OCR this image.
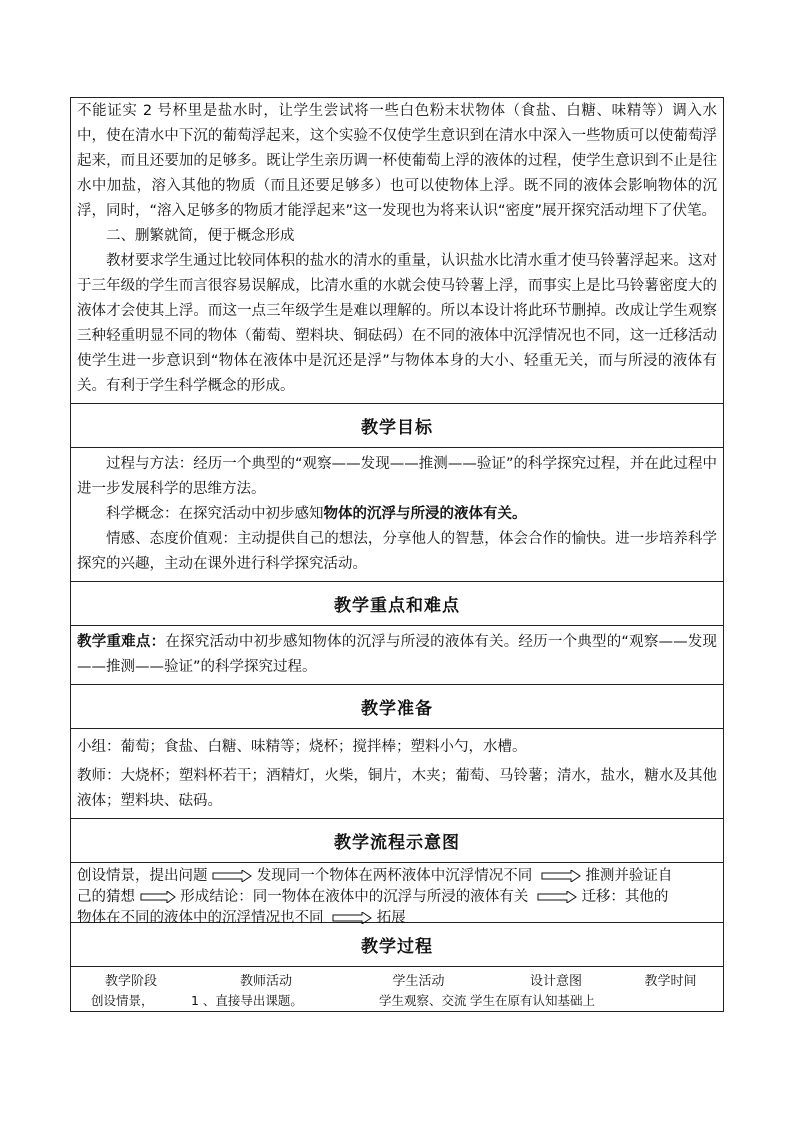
不能证实 2 号杯里是盐水时，让学生尝试将一些白色粉末状物体（食盐、白糖、味精等）调入水中，使在清水中下沉的葡萄浮起来，这个实验不仅使学生意识到在清水中深入一些物质可以使葡萄浮起来，而且还要加的足够多。既让学生亲历调一杯使葡萄上浮的液体的过程，使学生意识到不止是往水中加盐，溶入其他的物质（而且还要足够多）也可以使物体上浮。既不同的液体会影响物体的沉浮，同时，“溶入足够多的物质才能浮起来”这一发现也为将来认识“密度”展开探究活动埋下了伏笔。

二、删繁就简，便于概念形成

教材要求学生通过比较同体积的盐水的清水的重量，认识盐水比清水重才使马铃薯浮起来。这对于三年级的学生而言很容易误解成，比清水重的水就会使马铃薯上浮，而事实上是比马铃薯密度大的液体才会使其上浮。而这一点三年级学生是难以理解的。所以本设计将此环节删掉。改成让学生观察三种轻重明显不同的物体（葡萄、塑料块、铜砝码）在不同的液体中沉浮情况也不同，这一迁移活动使学生进一步意识到“物体在液体中是沉还是浮”与物体本身的大小、轻重无关，而与所浸的液体有关。有利于学生科学概念的形成。

教学目标

过程与方法：经历一个典型的“观察——发现——推测——验证”的科学探究过程，并在此过程中进一步发展科学的思维方法。

科学概念：在探究活动中初步感知物体的沉浮与所浸的液体有关。

情感、态度价值观：主动提供自己的想法，分享他人的智慧，体会合作的愉快。进一步培养科学探究的兴趣，主动在课外进行科学探究活动。

教学重点和难点

教学重难点：在探究活动中初步感知物体的沉浮与所浸的液体有关。经历一个典型的“观察——发现——推测——验证”的科学探究过程。

教学准备

小组：葡萄；食盐、白糖、味精等；烧杯；搅拌棒；塑料小勺，水槽。

教师：大烧杯；塑料杯若干；酒精灯，火柴，铜片，木夹；葡萄、马铃薯；清水，盐水，糖水及其他液体；塑料块、砝码。

教学流程示意图
创设情景，提出问题	发现同一个物体在两杯液体中沉浮情况不同	推测并验证自
己的猜想	形成结论：同一物体在液体中的沉浮与所浸的液体有关	迁移：其他的
物体在不同的液体中的沉浮情况也不同	拓展
教学过程
教学阶段	教师活动	学生活动	设计意图	教学时间
创设情景，	1 、直接导出课题。	学生观察、交流 学生在原有认知基础上
